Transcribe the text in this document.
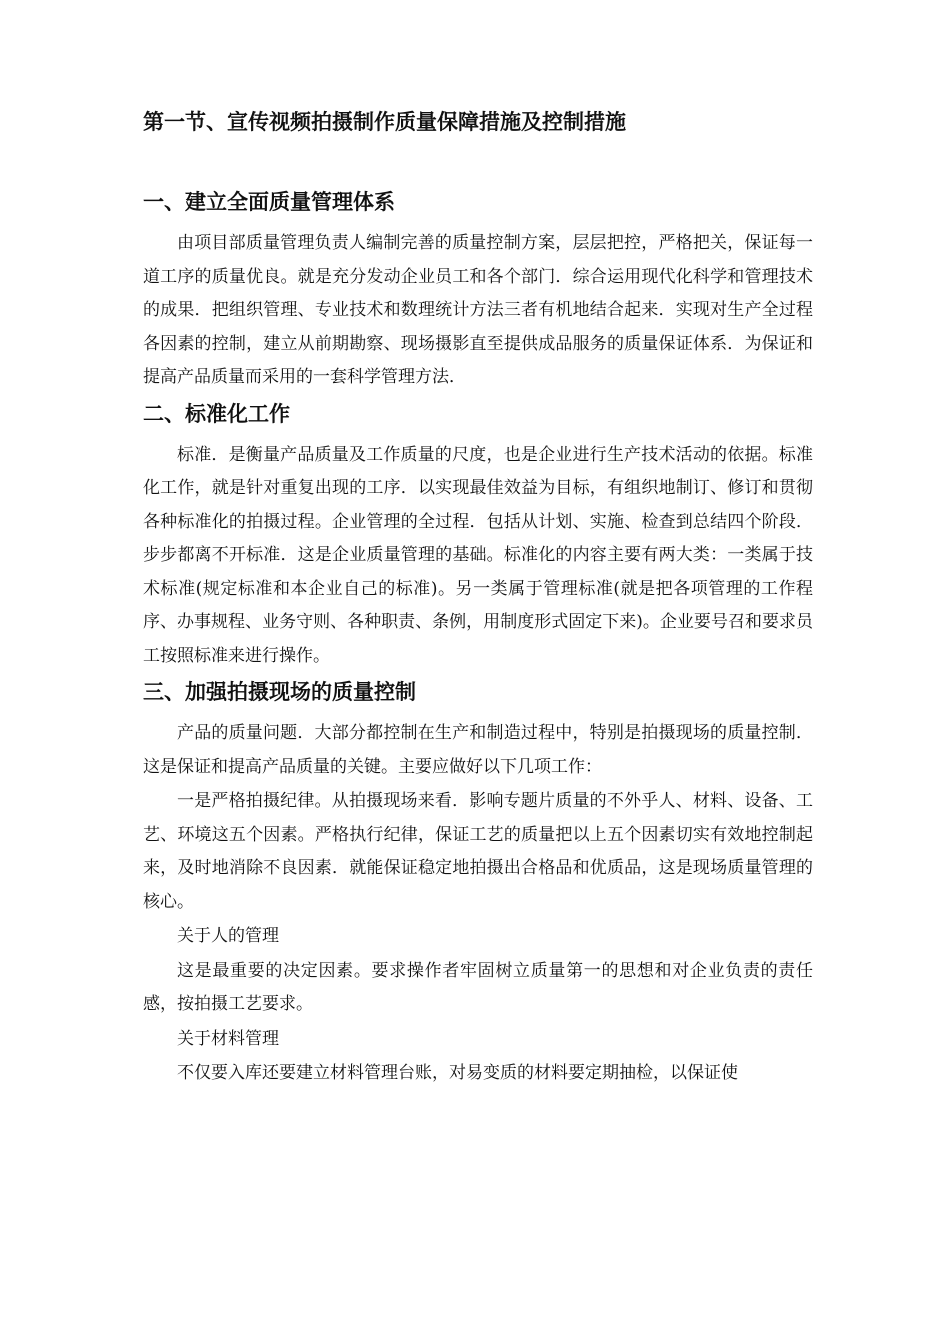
第一节、宣传视频拍摄制作质量保障措施及控制措施
一、建立全面质量管理体系

由项目部质量管理负责人编制完善的质量控制方案，层层把控，严格把关，保证每一道工序的质量优良。就是充分发动企业员工和各个部门．综合运用现代化科学和管理技术的成果．把组织管理、专业技术和数理统计方法三者有机地结合起来．实现对生产全过程各因素的控制，建立从前期勘察、现场摄影直至提供成品服务的质量保证体系．为保证和提高产品质量而采用的一套科学管理方法．

二、标准化工作

标准．是衡量产品质量及工作质量的尺度，也是企业进行生产技术活动的依据。标准化工作，就是针对重复出现的工序．以实现最佳效益为目标，有组织地制订、修订和贯彻各种标准化的拍摄过程。企业管理的全过程．包括从计划、实施、检查到总结四个阶段．步步都离不开标准．这是企业质量管理的基础。标准化的内容主要有两大类：一类属于技术标准(规定标准和本企业自己的标准)。另一类属于管理标准(就是把各项管理的工作程序、办事规程、业务守则、各种职责、条例，用制度形式固定下来)。企业要号召和要求员工按照标准来进行操作。

三、加强拍摄现场的质量控制

产品的质量问题．大部分都控制在生产和制造过程中，特别是拍摄现场的质量控制．这是保证和提高产品质量的关键。主要应做好以下几项工作：

一是严格拍摄纪律。从拍摄现场来看．影响专题片质量的不外乎人、材料、设备、工艺、环境这五个因素。严格执行纪律，保证工艺的质量把以上五个因素切实有效地控制起来，及时地消除不良因素．就能保证稳定地拍摄出合格品和优质品，这是现场质量管理的核心。

关于人的管理

这是最重要的决定因素。要求操作者牢固树立质量第一的思想和对企业负责的责任感，按拍摄工艺要求。

关于材料管理

不仅要入库还要建立材料管理台账，对易变质的材料要定期抽检，以保证使
